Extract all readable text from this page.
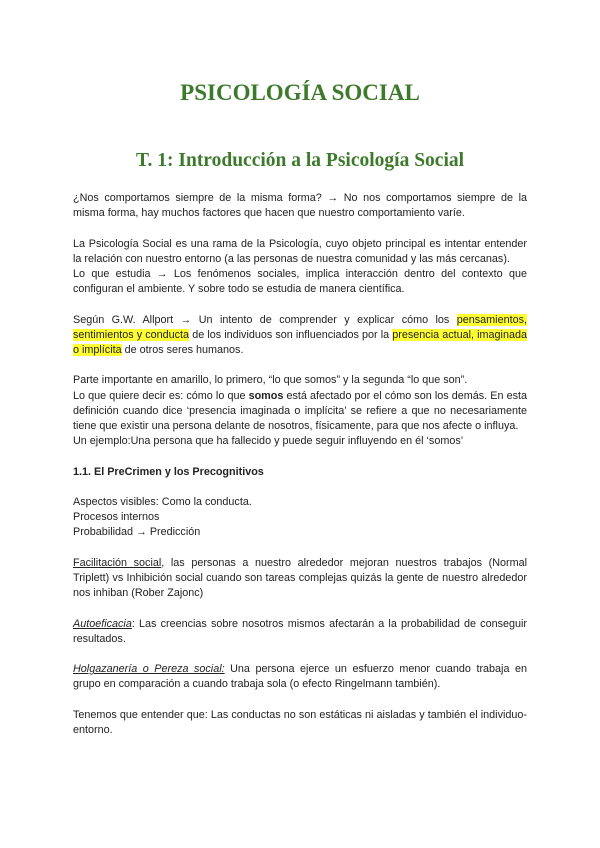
PSICOLOGÍA SOCIAL
T. 1: Introducción a la Psicología Social

¿Nos comportamos siempre de la misma forma? → No nos comportamos siempre de la misma forma, hay muchos factores que hacen que nuestro comportamiento varíe.

La Psicología Social es una rama de la Psicología, cuyo objeto principal es intentar entender la relación con nuestro entorno (a las personas de nuestra comunidad y las más cercanas).
Lo que estudia → Los fenómenos sociales, implica interacción dentro del contexto que configuran el ambiente. Y sobre todo se estudia de manera científica.

Según G.W. Allport → Un intento de comprender y explicar cómo los pensamientos, sentimientos y conducta de los individuos son influenciados por la presencia actual, imaginada o implícita de otros seres humanos.

Parte importante en amarillo, lo primero, “lo que somos” y la segunda “lo que son”.
Lo que quiere decir es: cómo lo que somos está afectado por el cómo son los demás. En esta definición cuando dice ‘presencia imaginada o implícita’ se refiere a que no necesariamente tiene que existir una persona delante de nosotros, físicamente, para que nos afecte o influya.
Un ejemplo:Una persona que ha fallecido y puede seguir influyendo en él ‘somos’

1.1. El PreCrimen y los Precognitivos

Aspectos visibles: Como la conducta.
Procesos internos
Probabilidad → Predicción

Facilitación social, las personas a nuestro alrededor mejoran nuestros trabajos (Normal Triplett) vs Inhibición social cuando son tareas complejas quizás la gente de nuestro alrededor nos inhiban (Rober Zajonc)

Autoeficacia: Las creencias sobre nosotros mismos afectarán a la probabilidad de conseguir resultados.

Holgazanería o Pereza social: Una persona ejerce un esfuerzo menor cuando trabaja en grupo en comparación a cuando trabaja sola (o efecto Ringelmann también).

Tenemos que entender que: Las conductas no son estáticas ni aisladas y también el individuo-entorno.
